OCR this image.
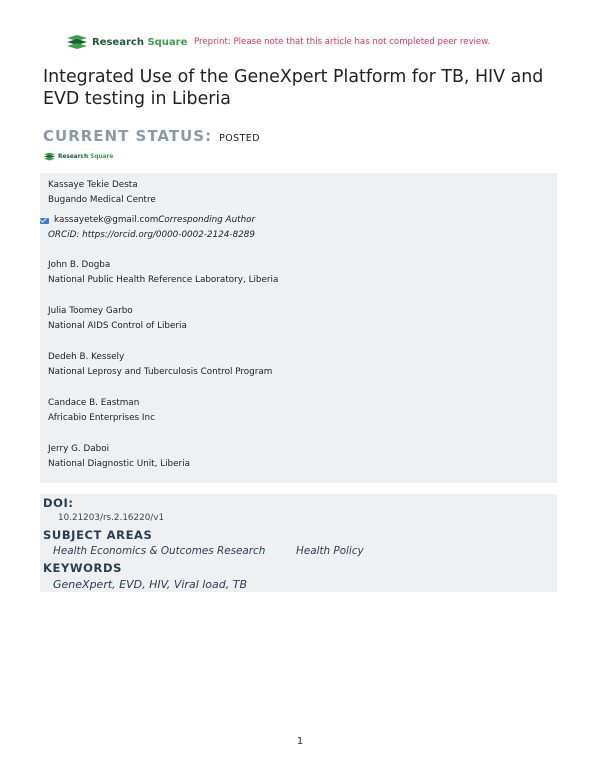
Research Square Preprint: Please note that this article has not completed peer review.
Integrated Use of the GeneXpert Platform for TB, HIV and EVD testing in Liberia
CURRENT STATUS: POSTED
Research Square
Kassaye Tekie Desta
Bugando Medical Centre
kassayetek@gmail.com Corresponding Author
ORCiD: https://orcid.org/0000-0002-2124-8289
John B. Dogba
National Public Health Reference Laboratory, Liberia
Julia Toomey Garbo
National AIDS Control of Liberia
Dedeh B. Kessely
National Leprosy and Tuberculosis Control Program
Candace B. Eastman
Africabio Enterprises Inc
Jerry G. Daboi
National Diagnostic Unit, Liberia
DOI:
10.21203/rs.2.16220/v1
SUBJECT AREAS
Health Economics & Outcomes Research	Health Policy
KEYWORDS
GeneXpert, EVD, HIV, Viral load, TB
1
